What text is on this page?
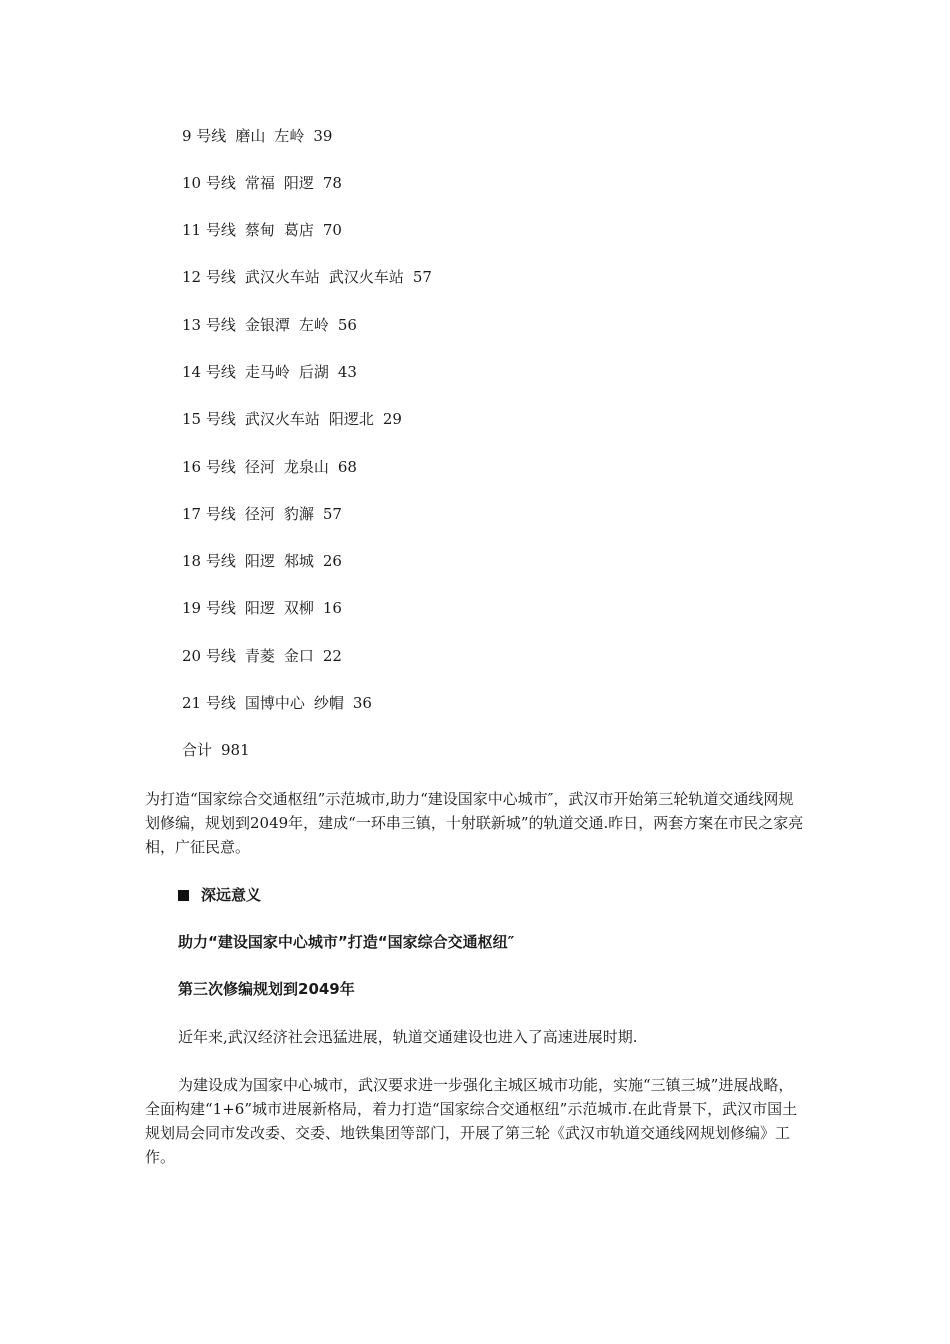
9 号线 磨山 左岭 39
10 号线 常福 阳逻 78
11 号线 蔡甸 葛店 70
12 号线 武汉火车站 武汉火车站 57
13 号线 金银潭 左岭 56
14 号线 走马岭 后湖 43
15 号线 武汉火车站 阳逻北 29
16 号线 径河 龙泉山 68
17 号线 径河 豹澥 57
18 号线 阳逻 邾城 26
19 号线 阳逻 双柳 16
20 号线 青菱 金口 22
21 号线 国博中心 纱帽 36
合计 981
为打造“国家综合交通枢纽”示范城市,助力“建设国家中心城市″，武汉市开始第三轮轨道交通线网规划修编，规划到2049年，建成“一环串三镇，十射联新城”的轨道交通.昨日，两套方案在市民之家亮相，广征民意。
深远意义
助力“建设国家中心城市”打造“国家综合交通枢纽″
第三次修编规划到2049年
近年来,武汉经济社会迅猛进展，轨道交通建设也进入了高速进展时期.
为建设成为国家中心城市，武汉要求进一步强化主城区城市功能，实施“三镇三城”进展战略，全面构建“1+6”城市进展新格局，着力打造“国家综合交通枢纽”示范城市.在此背景下，武汉市国土规划局会同市发改委、交委、地铁集团等部门，开展了第三轮《武汉市轨道交通线网规划修编》工作。
